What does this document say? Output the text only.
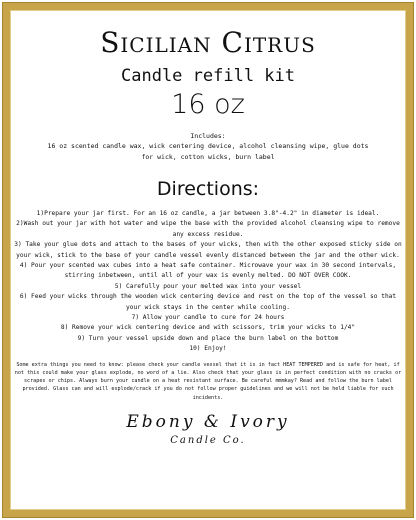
Sicilian Citrus
Candle refill kit
16 oz
Includes:
16 oz scented candle wax, wick centering device, alcohol cleansing wipe, glue dots for wick, cotton wicks, burn label
Directions:
1)Prepare your jar first. For an 16 oz candle, a jar between 3.8"-4.2" in diameter is ideal.
2)Wash out your jar with hot water and wipe the base with the provided alcohol cleansing wipe to remove any excess residue.
3) Take your glue dots and attach to the bases of your wicks, then with the other exposed sticky side on your wick, stick to the base of your candle vessel evenly distanced between the jar and the other wick.
4) Pour your scented wax cubes into a heat safe container. Microwave your wax in 30 second intervals, stirring inbetween, until all of your wax is evenly melted. DO NOT OVER COOK.
5) Carefully pour your melted wax into your vessel
6) Feed your wicks through the wooden wick centering device and rest on the top of the vessel so that your wick stays in the center while cooling.
7) Allow your candle to cure for 24 hours
8) Remove your wick centering device and with scissors, trim your wicks to 1/4"
9) Turn your vessel upside down and place the burn label on the bottom
10) Enjoy!
Some extra things you need to know: please check your candle vessel that it is in fact HEAT TEMPERED and is safe for heat, if not this could make your glass explode, no word of a lie. Also check that your glass is in perfect condition with no cracks or scrapes or chips. Always burn your candle on a heat resistant surface. Be careful mmmkay? Read and follow the burn label provided. Glass can and will explode/crack if you do not follow proper guidelines and we will not be held liable for such incidents.
Ebony & Ivory
Candle Co.
